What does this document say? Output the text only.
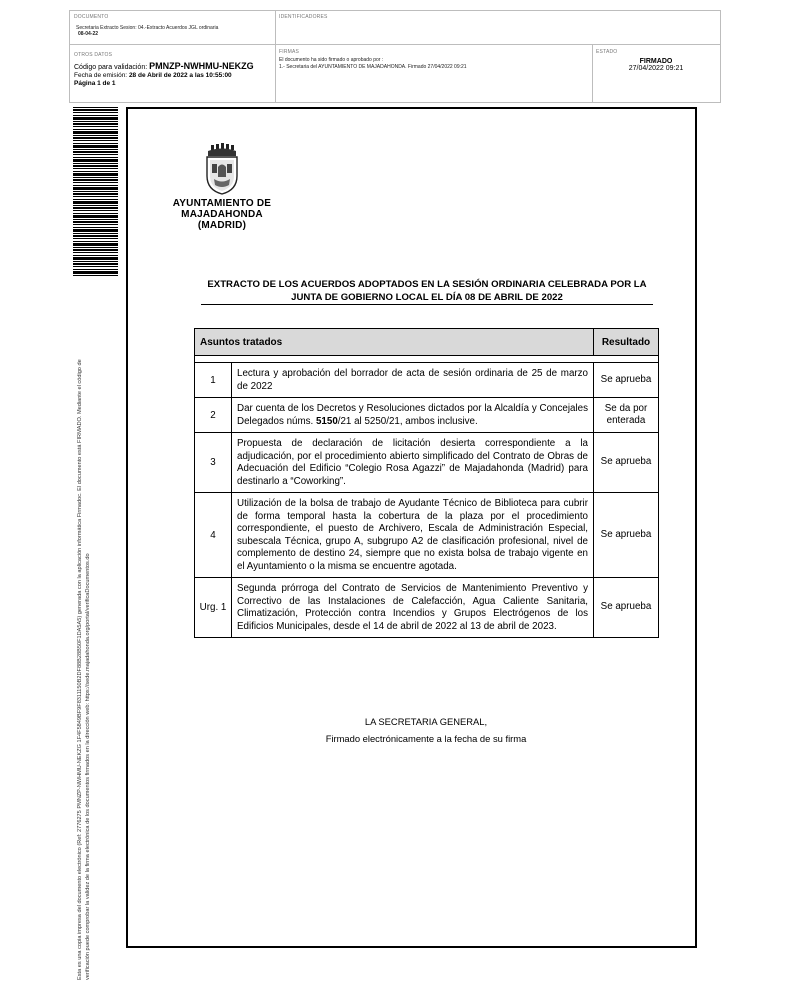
DOCUMENTO
Secretaria Extracto Sesion: 04.-Extracto Acuerdos JGL ordinaria
08-04-22
IDENTIFICADORES
OTROS DATOS
Código para validación: PMNZP-NWHMU-NEKZG
Fecha de emisión: 28 de Abril de 2022 a las 10:55:00
Página 1 de 1
FIRMAS
El documento ha sido firmado o aprobado por :
1.- Secretaria del AYUNTAMIENTO DE MAJADAHONDA. Firmado 27/04/2022 09:21
ESTADO
FIRMADO
27/04/2022 09:21
Esta es una copia impresa del documento electrónico (Ref: 2776275 PMNZP-NWHMU-NEKZG 1F4F5849BF9F8311150B2DF88B28B50F1DA5A5) generada con la aplicación informática Firmadoc. El documento está FIRMADO. Mediante el código de verificación puede comprobar la validez de la firma electrónica de los documentos firmados en la dirección web: https://sede.majadahonda.org/portal/verificaDocumentos.do
AYUNTAMIENTO DE
MAJADAHONDA
(MADRID)
EXTRACTO DE LOS ACUERDOS ADOPTADOS EN LA SESIÓN ORDINARIA CELEBRADA POR LA JUNTA DE GOBIERNO LOCAL EL DÍA 08 DE ABRIL DE 2022
Asuntos tratados		Resultado

1	Lectura y aprobación del borrador de acta de sesión ordinaria de 25 de marzo de 2022	Se aprueba
2	Dar cuenta de los Decretos y Resoluciones dictados por la Alcaldía y Concejales Delegados núms. 5150/21 al 5250/21, ambos inclusive.	Se da por enterada
3	Propuesta de declaración de licitación desierta correspondiente a la adjudicación, por el procedimiento abierto simplificado del Contrato de Obras de Adecuación del Edificio “Colegio Rosa Agazzi” de Majadahonda (Madrid) para destinarlo a “Coworking”.	Se aprueba
4	Utilización de la bolsa de trabajo de Ayudante Técnico de Biblioteca para cubrir de forma temporal hasta la cobertura de la plaza por el procedimiento correspondiente, el puesto de Archivero, Escala de Administración Especial, subescala Técnica, grupo A, subgrupo A2 de clasificación profesional, nivel de complemento de destino 24, siempre que no exista bolsa de trabajo vigente en el Ayuntamiento o la misma se encuentre agotada.	Se aprueba
Urg. 1	Segunda prórroga del Contrato de Servicios de Mantenimiento Preventivo y Correctivo de las Instalaciones de Calefacción, Agua Caliente Sanitaria, Climatización, Protección contra Incendios y Grupos Electrógenos de los Edificios Municipales, desde el 14 de abril de 2022 al 13 de abril de 2023.	Se aprueba
LA SECRETARIA GENERAL,
Firmado electrónicamente a la fecha de su firma
